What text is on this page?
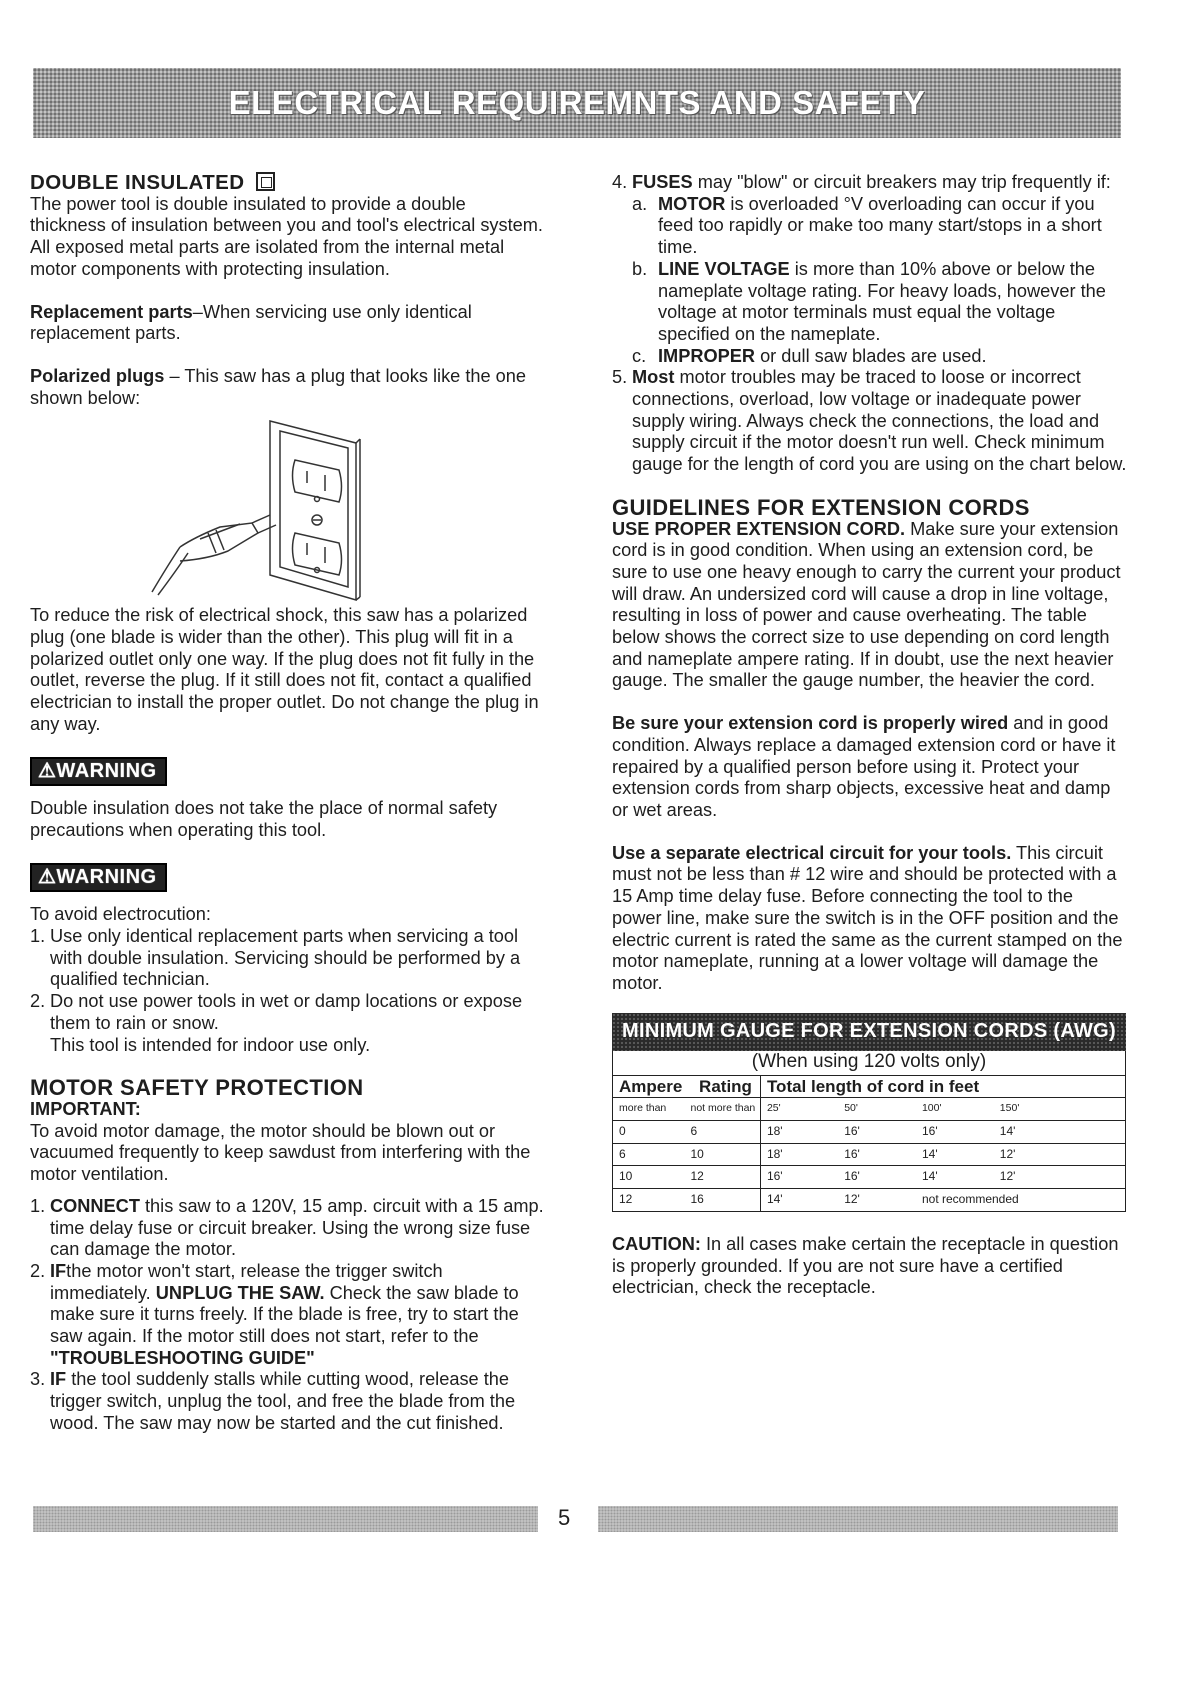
ELECTRICAL REQUIREMNTS AND SAFETY
DOUBLE INSULATED
The power tool is double insulated to provide a double thickness of insulation between you and tool's electrical system. All exposed metal parts are isolated from the internal metal motor components with protecting insulation.
Replacement parts–When servicing use only identical replacement parts.
Polarized plugs – This saw has a plug that looks like the one shown below:
To reduce the risk of electrical shock, this saw has a polarized plug (one blade is wider than the other). This plug will fit in a polarized outlet only one way. If the plug does not fit fully in the outlet, reverse the plug. If it still does not fit, contact a qualified electrician to install the proper outlet. Do not change the plug in any way.
⚠WARNING
Double insulation does not take the place of normal safety precautions when operating this tool.
⚠WARNING
To avoid electrocution:
1. Use only identical replacement parts when servicing a tool with double insulation. Servicing should be performed by a qualified technician.
2. Do not use power tools in wet or damp locations or expose them to rain or snow.
This tool is intended for indoor use only.
MOTOR SAFETY PROTECTION
IMPORTANT:
To avoid motor damage, the motor should be blown out or vacuumed frequently to keep sawdust from interfering with the motor ventilation.
1. CONNECT this saw to a 120V, 15 amp. circuit with a 15 amp. time delay fuse or circuit breaker. Using the wrong size fuse can damage the motor.
2. IFthe motor won't start, release the trigger switch immediately. UNPLUG THE SAW. Check the saw blade to make sure it turns freely. If the blade is free, try to start the saw again. If the motor still does not start, refer to the "TROUBLESHOOTING GUIDE"
3. IF the tool suddenly stalls while cutting wood, release the trigger switch, unplug the tool, and free the blade from the wood. The saw may now be started and the cut finished.
4. FUSES may "blow" or circuit breakers may trip frequently if:
a. MOTOR is overloaded °V overloading can occur if you feed too rapidly or make too many start/stops in a short time.
b. LINE VOLTAGE is more than 10% above or below the nameplate voltage rating. For heavy loads, however the voltage at motor terminals must equal the voltage specified on the nameplate.
c. IMPROPER or dull saw blades are used.
5. Most motor troubles may be traced to loose or incorrect connections, overload, low voltage or inadequate power supply wiring. Always check the connections, the load and supply circuit if the motor doesn't run well. Check minimum gauge for the length of cord you are using on the chart below.
GUIDELINES FOR EXTENSION CORDS
USE PROPER EXTENSION CORD. Make sure your extension cord is in good condition. When using an extension cord, be sure to use one heavy enough to carry the current your product will draw. An undersized cord will cause a drop in line voltage, resulting in loss of power and cause overheating. The table below shows the correct size to use depending on cord length and nameplate ampere rating. If in doubt, use the next heavier gauge. The smaller the gauge number, the heavier the cord.
Be sure your extension cord is properly wired and in good condition. Always replace a damaged extension cord or have it repaired by a qualified person before using it. Protect your extension cords from sharp objects, excessive heat and damp or wet areas.
Use a separate electrical circuit for your tools. This circuit must not be less than # 12 wire and should be protected with a 15 Amp time delay fuse. Before connecting the tool to the power line, make sure the switch is in the OFF position and the electric current is rated the same as the current stamped on the motor nameplate, running at a lower voltage will damage the motor.
MINIMUM GAUGE FOR EXTENSION CORDS (AWG)
(When using 120 volts only)
Ampere	Rating	Total length of cord in feet			
more than	not more than	25'	50'	100'	150'
0	6	18'	16'	16'	14'
6	10	18'	16'	14'	12'
10	12	16'	16'	14'	12'
12	16	14'	12'	not recommended	
CAUTION: In all cases make certain the receptacle in question is properly grounded. If you are not sure have a certified electrician, check the receptacle.
5
